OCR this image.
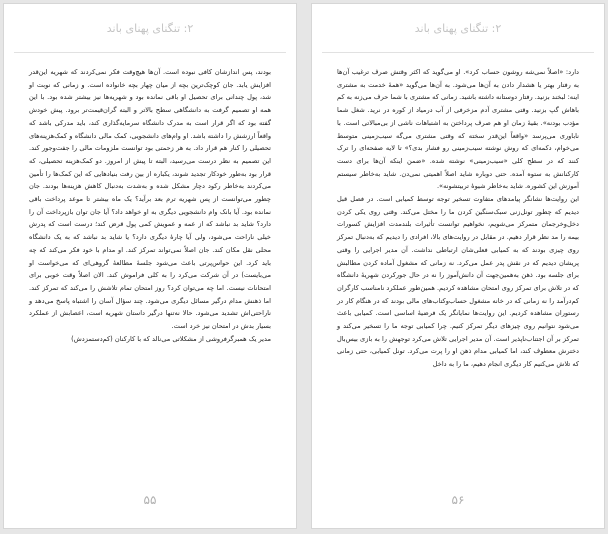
۲: تنگنای پهنای باند

بودند، پس اندازشان کافی نبوده است. آن‌ها هیچ‌وقت فکر نمی‌کردند که شهریه این‌قدر افزایش یابد. جان کوچک‌ترین بچه از میان چهار بچه خانواده است. و زمانی که نوبت او شد، پول چندانی برای تحصیل او باقی نمانده بود و شهریه‌ها نیز بیشتر شده بود. با این همه او تصمیم گرفت به دانشگاهی سطح بالاتر و البته گران‌قیمت‌تر برود. پیش خودش گفته بود که اگر قرار است به مدرک دانشگاه سرمایه‌گذاری کند، باید مدرکی باشد که واقعاً ارزشش را داشته باشد. او وام‌های دانشجویی، کمک مالی دانشگاه و کمک‌هزینه‌های تحصیلی را کنار هم قرار داد. به هر زحمتی بود توانست ملزومات مالی را جفت‌وجور کند. این تصمیم به نظر درست می‌رسید، البته تا پیش از امروز. دو کمک‌هزینه تحصیلی، که قرار بود به‌طور خودکار تجدید شوند، یکباره از بین رفت بنیادهایی که این کمک‌ها را تأمین می‌کردند به‌خاطر رکود دچار مشکل شده و به‌شدت به‌دنبال کاهش هزینه‌ها بودند. جان چطور می‌توانست از پس شهریه ترم بعد برآید؟ یک ماه بیشتر تا موعد پرداخت باقی نمانده بود. آیا بانک وام دانشجویی دیگری به او خواهد داد؟ آیا جان توان بازپرداخت آن را دارد؟ شاید بد نباشد که از عمه و عمویش کمی پول قرض کند؛ درست است که پدرش خیلی ناراحت می‌شود، ولی آیا چارهٔ دیگری دارد؟ یا شاید بد نباشد که به یک دانشگاه محلی نقل مکان کند. جان اصلاً نمی‌تواند تمرکز کند. او مدام با خود فکر می‌کند که چه باید کرد. این حواس‌پرتی باعث می‌شود جلسهٔ مطالعهٔ گروهی‌ای که می‌خواست او می‌بایست) در آن شرکت می‌کرد را به کلی فراموش کند. الان اصلاً وقت خوبی برای امتحانات نیست. اما چه می‌توان کرد؟ روز امتحان تمام تلاشش را می‌کند که تمرکز کند. اما ذهنش مدام درگیر مسائل دیگری می‌شود. چند سؤال آسان را اشتباه پاسخ می‌دهد و ناراحتی‌اش تشدید می‌شود. حالا نه‌تنها درگیر داستان شهریه است، اعصابش از عملکرد بسیار بدش در امتحان نیز خرد است.

مدیر یک همبرگرفروشی از مشکلاتی می‌نالد که با کارکنان (کم‌دستمزدش)

۵۵
۲: تنگنای پهنای باند

دارد: «اصلاً نمی‌شه روشون حساب کرد». او می‌گوید که اکثر وقتش صرف ترغیب آن‌ها به رفتار بهتر یا هشدار دادن به آن‌ها می‌شود. به آن‌ها می‌گوید «همهٔ خدمت به مشتری اینه: لبخند بزنید. رفتار دوستانه داشته باشید. زمانی که مشتری با شما حرف می‌زنه به کم باهاش گپ بزنید. وقتی مشتری آدم مزخرفی از آب درمیاد از کوره در نرید. شغل شما مؤدب بودنه». بقیهٔ زمان او هم صرف پرداختن به اشتباهات ناشی از بی‌مبالاتی است. با ناباوری می‌پرسد «واقعاً این‌قدر سخته که وقتی مشتری می‌گه سیب‌زمینی متوسط می‌خوام، دکمه‌ای که روش نوشته سیب‌زمینی رو فشار بدی؟» تا لایه صفحه‌ای را ترک کنند که در سطح کلی «سیب‌زمینی» نوشته شده. «ضمن اینکه آن‌ها برای دست کارکنانش به ستوه آمده. حتی دوباره شاید اصلاً اهمیتی نمی‌دن. شاید به‌خاطر سیستم آموزش این کشوره. شاید به‌خاطر شیوهٔ تربیتشونه».

این روایت‌ها نشانگر پیامدهای متفاوت تسخیر توجه توسط کمیابی است. در فصل قبل دیدیم که چطور تونل‌زنی سبک‌سنگین کردن ما را مختل می‌کند. وقتی روی یکی کردن دخل‌وخرجمان متمرکز می‌شویم، نخواهیم توانست تأثیرات بلندمدت افزایش کسورات بیمه را مد نظر قرار دهیم. در مقابل در روایت‌های بالا، افرادی را دیدیم که به‌دنبال تمرکز روی چیزی بودند که به کمیابی فعلی‌شان ارتباطی نداشت. آن مدیر اجرایی را وقتی پریشان دیدیم که در نقش پدر عمل می‌کرد. نه زمانی که مشغول آماده کردن مطالبش برای جلسه بود. ذهن به‌همین‌جهت آن دانش‌آموز را نه در حال جورکردن شهریهٔ دانشگاه که در تلاش برای تمرکز روی امتحان مشاهده کردیم. همین‌طور عملکرد نامناسب کارگران کم‌درآمد را نه زمانی که در خانه مشغول حساب‌وکتاب‌های مالی بودند که در هنگام کار در رستوران مشاهده کردیم. این روایت‌ها نمایانگر یک فرضیهٔ اساسی است. کمیابی باعث می‌شود نتوانیم روی چیزهای دیگر تمرکز کنیم. چرا کمیابی توجه ما را تسخیر می‌کند و تمرکز بر آن اجتناب‌ناپذیر است. آن مدیر اجرایی تلاش می‌کرد توجهش را به بازی بیس‌بال دخترش معطوف کند، اما کمیابی مدام ذهن او را پرت می‌کرد. تونل کمیابی، حتی زمانی که تلاش می‌کنیم کار دیگری انجام دهیم، ما را به داخل

۵۶
